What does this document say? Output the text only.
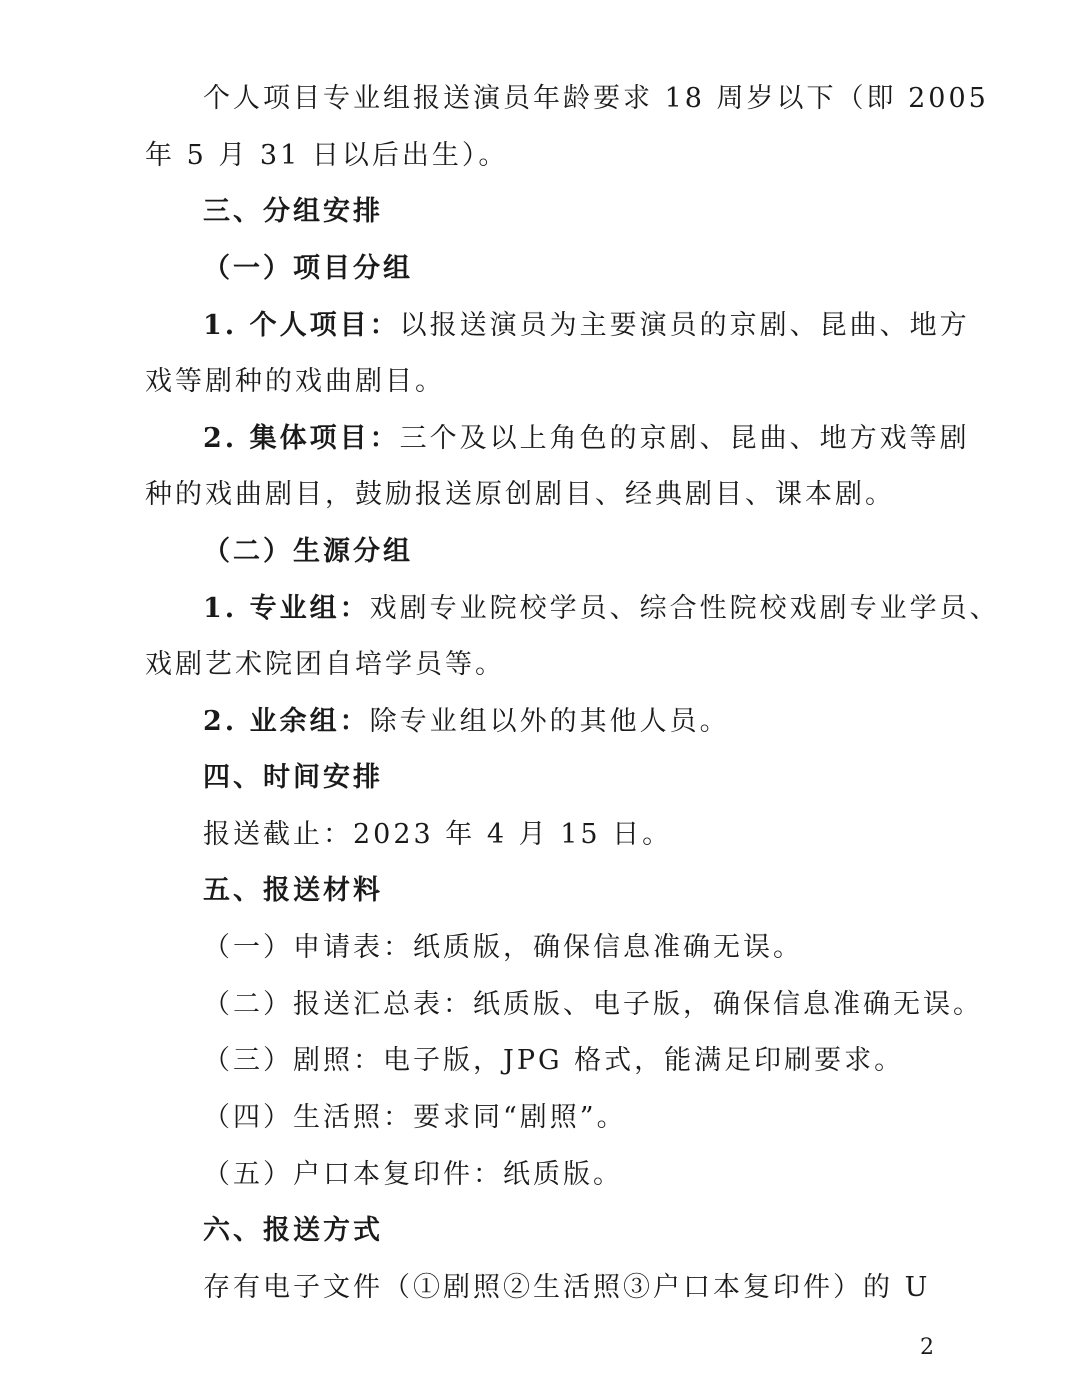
个人项目专业组报送演员年龄要求 18 周岁以下（即 2005
年 5 月 31 日以后出生）。
三、分组安排
（一）项目分组
1. 个人项目：以报送演员为主要演员的京剧、昆曲、地方
戏等剧种的戏曲剧目。
2. 集体项目：三个及以上角色的京剧、昆曲、地方戏等剧
种的戏曲剧目，鼓励报送原创剧目、经典剧目、课本剧。
（二）生源分组
1. 专业组：戏剧专业院校学员、综合性院校戏剧专业学员、
戏剧艺术院团自培学员等。
2. 业余组：除专业组以外的其他人员。
四、时间安排
报送截止：2023 年 4 月 15 日。
五、报送材料
（一）申请表：纸质版，确保信息准确无误。
（二）报送汇总表：纸质版、电子版，确保信息准确无误。
（三）剧照：电子版，JPG 格式，能满足印刷要求。
（四）生活照：要求同“剧照”。
（五）户口本复印件：纸质版。
六、报送方式
存有电子文件（①剧照②生活照③户口本复印件）的 U
2
